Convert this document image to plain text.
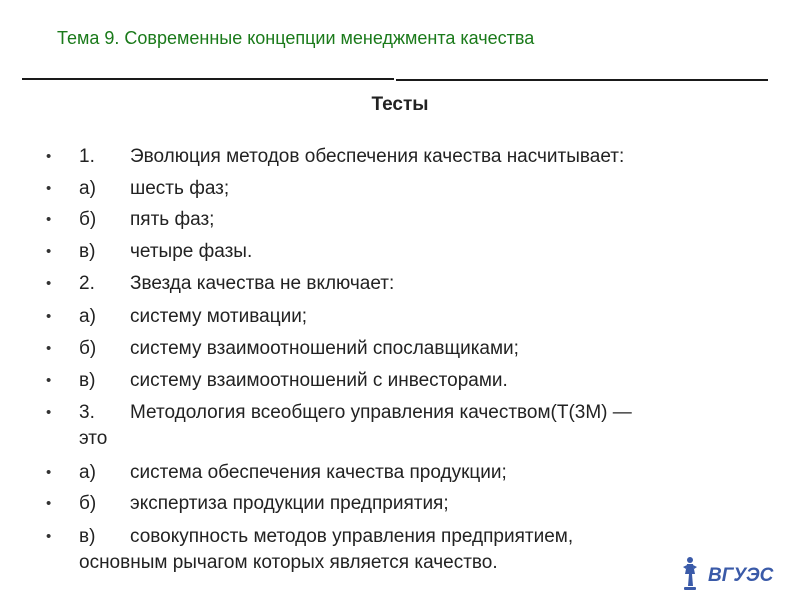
Тема 9. Современные концепции менеджмента качества
Тесты
• 1. Эволюция методов обеспечения качества насчитывает:
• а) шесть фаз;
• б) пять фаз;
• в) четыре фазы.
• 2. Звезда качества не включает:
• а) систему мотивации;
• б) систему взаимоотношений спославщиками;
• в) систему взаимоотношений с инвесторами.
• 3. Методология всеобщего управления качеством(T(3M) —
это
• а) система обеспечения качества продукции;
• б) экспертиза продукции предприятия;
• в) совокупность методов управления предприятием,
основным рычагом которых является качество.
ВГУЭС
